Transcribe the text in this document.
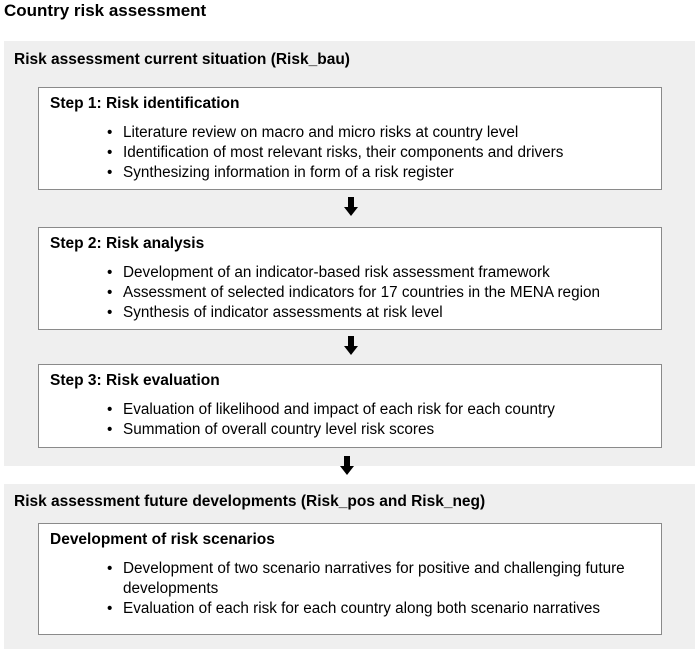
Country risk assessment
Risk assessment current situation (Risk_bau)
Step 1: Risk identification
• Literature review on macro and micro risks at country level
• Identification of most relevant risks, their components and drivers
• Synthesizing information in form of a risk register
Step 2: Risk analysis
• Development of an indicator-based risk assessment framework
• Assessment of selected indicators for 17 countries in the MENA region
• Synthesis of indicator assessments at risk level
Step 3: Risk evaluation
• Evaluation of likelihood and impact of each risk for each country
• Summation of overall country level risk scores
Risk assessment future developments (Risk_pos and Risk_neg)
Development of risk scenarios
• Development of two scenario narratives for positive and challenging future developments
• Evaluation of each risk for each country along both scenario narratives
